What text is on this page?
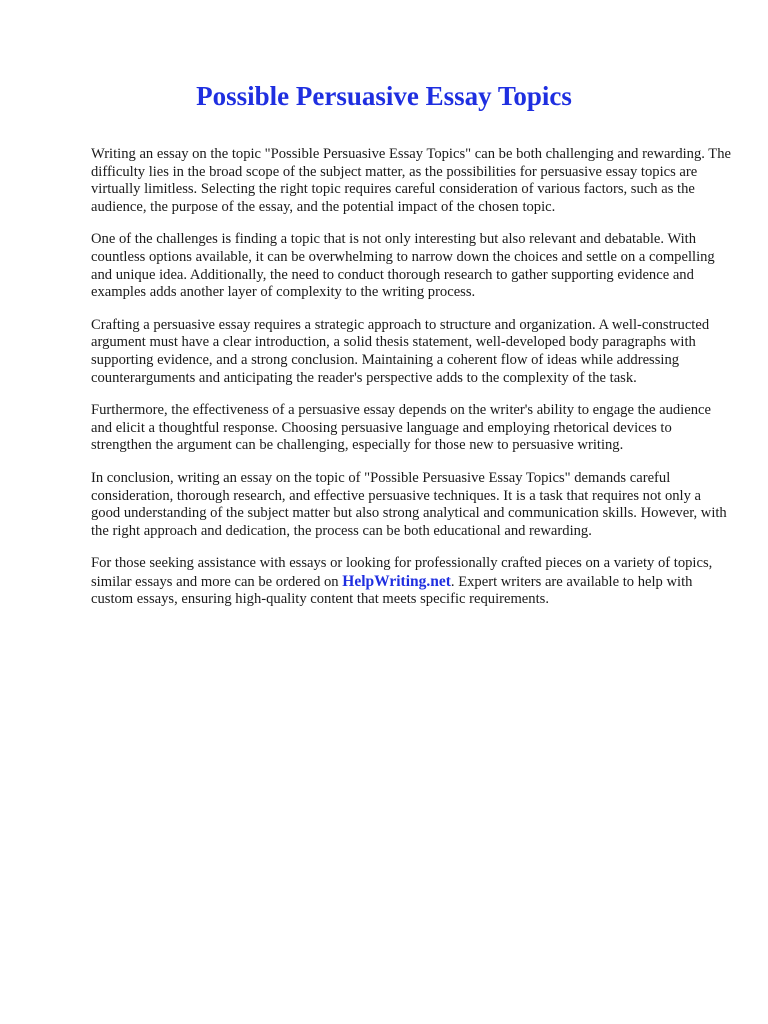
Possible Persuasive Essay Topics

Writing an essay on the topic "Possible Persuasive Essay Topics" can be both challenging and rewarding. The difficulty lies in the broad scope of the subject matter, as the possibilities for persuasive essay topics are virtually limitless. Selecting the right topic requires careful consideration of various factors, such as the audience, the purpose of the essay, and the potential impact of the chosen topic.

One of the challenges is finding a topic that is not only interesting but also relevant and debatable. With countless options available, it can be overwhelming to narrow down the choices and settle on a compelling and unique idea. Additionally, the need to conduct thorough research to gather supporting evidence and examples adds another layer of complexity to the writing process.

Crafting a persuasive essay requires a strategic approach to structure and organization. A well-constructed argument must have a clear introduction, a solid thesis statement, well-developed body paragraphs with supporting evidence, and a strong conclusion. Maintaining a coherent flow of ideas while addressing counterarguments and anticipating the reader's perspective adds to the complexity of the task.

Furthermore, the effectiveness of a persuasive essay depends on the writer's ability to engage the audience and elicit a thoughtful response. Choosing persuasive language and employing rhetorical devices to strengthen the argument can be challenging, especially for those new to persuasive writing.

In conclusion, writing an essay on the topic of "Possible Persuasive Essay Topics" demands careful consideration, thorough research, and effective persuasive techniques. It is a task that requires not only a good understanding of the subject matter but also strong analytical and communication skills. However, with the right approach and dedication, the process can be both educational and rewarding.

For those seeking assistance with essays or looking for professionally crafted pieces on a variety of topics, similar essays and more can be ordered on HelpWriting.net. Expert writers are available to help with custom essays, ensuring high-quality content that meets specific requirements.
